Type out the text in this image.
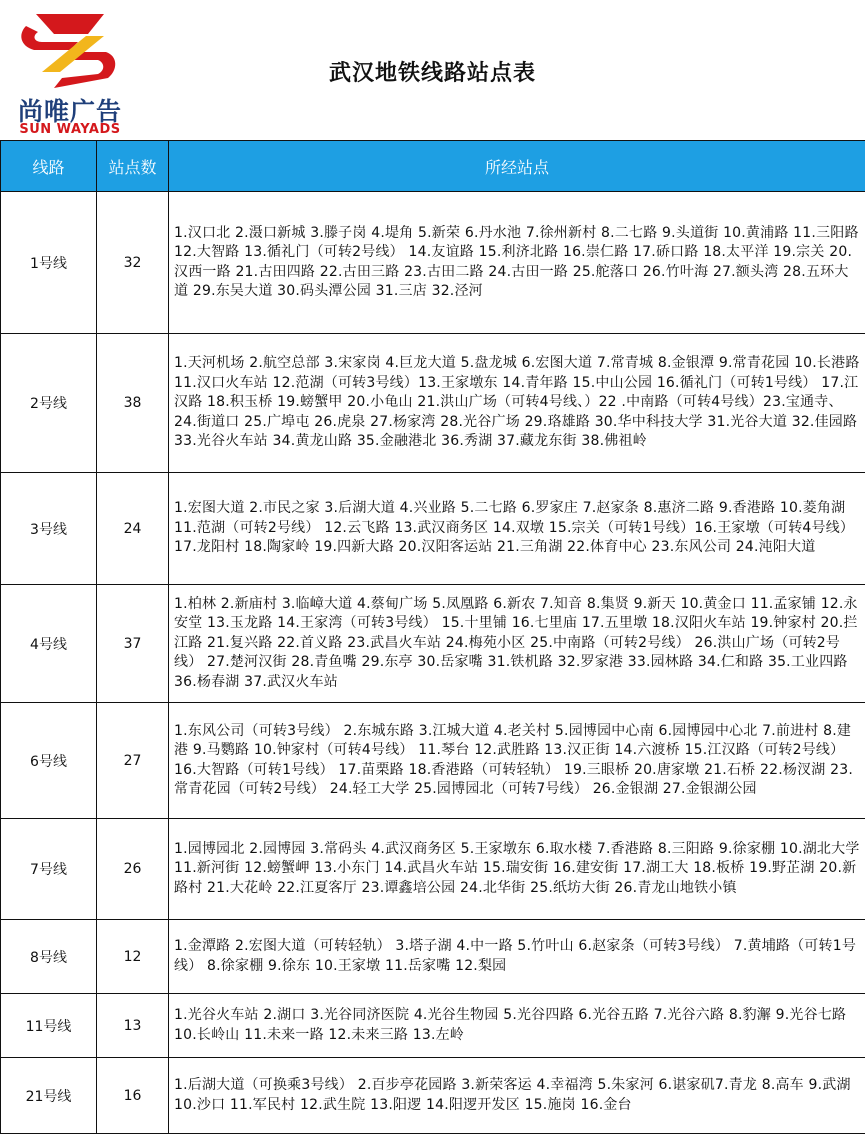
尚唯广告
SUN WAYADS
武汉地铁线路站点表
线路	站点数	所经站点
1号线	32	1.汉口北 2.滠口新城 3.滕子岗 4.堤角 5.新荣 6.丹水池 7.徐州新村 8.二七路 9.头道街 10.黄浦路 11.三阳路 12.大智路 13.循礼门（可转2号线） 14.友谊路 15.利济北路 16.崇仁路 17.硚口路 18.太平洋 19.宗关 20.汉西一路 21.古田四路 22.古田三路 23.古田二路 24.古田一路 25.舵落口 26.竹叶海 27.额头湾 28.五环大道 29.东吴大道 30.码头潭公园 31.三店 32.泾河
2号线	38	1.天河机场 2.航空总部 3.宋家岗 4.巨龙大道 5.盘龙城 6.宏图大道 7.常青城 8.金银潭 9.常青花园 10.长港路 11.汉口火车站 12.范湖（可转3号线）13.王家墩东 14.青年路 15.中山公园 16.循礼门（可转1号线） 17.江汉路 18.积玉桥 19.螃蟹甲 20.小龟山 21.洪山广场（可转4号线、）22 .中南路（可转4号线）23.宝通寺、24.街道口 25.广埠屯 26.虎泉 27.杨家湾 28.光谷广场 29.珞雄路 30.华中科技大学 31.光谷大道 32.佳园路 33.光谷火车站 34.黄龙山路 35.金融港北 36.秀湖 37.藏龙东街 38.佛祖岭
3号线	24	1.宏图大道 2.市民之家 3.后湖大道 4.兴业路 5.二七路 6.罗家庄 7.赵家条 8.惠济二路 9.香港路 10.菱角湖 11.范湖（可转2号线） 12.云飞路 13.武汉商务区 14.双墩 15.宗关（可转1号线）16.王家墩（可转4号线） 17.龙阳村 18.陶家岭 19.四新大路 20.汉阳客运站 21.三角湖 22.体育中心 23.东风公司 24.沌阳大道
4号线	37	1.柏林 2.新庙村 3.临嶂大道 4.蔡甸广场 5.凤凰路 6.新农 7.知音 8.集贤 9.新天 10.黄金口 11.孟家铺 12.永安堂 13.玉龙路 14.王家湾（可转3号线） 15.十里铺 16.七里庙 17.五里墩 18.汉阳火车站 19.钟家村 20.拦江路 21.复兴路 22.首义路 23.武昌火车站 24.梅苑小区 25.中南路（可转2号线） 26.洪山广场（可转2号线） 27.楚河汉街 28.青鱼嘴 29.东亭 30.岳家嘴 31.铁机路 32.罗家港 33.园林路 34.仁和路 35.工业四路 36.杨春湖 37.武汉火车站
6号线	27	1.东风公司（可转3号线） 2.东城东路 3.江城大道 4.老关村 5.园博园中心南 6.园博园中心北 7.前进村 8.建港 9.马鹦路 10.钟家村（可转4号线） 11.琴台 12.武胜路 13.汉正街 14.六渡桥 15.江汉路（可转2号线） 16.大智路（可转1号线） 17.苗栗路 18.香港路（可转轻轨） 19.三眼桥 20.唐家墩 21.石桥 22.杨汊湖 23.常青花园（可转2号线） 24.轻工大学 25.园博园北（可转7号线） 26.金银湖 27.金银湖公园
7号线	26	1.园博园北 2.园博园 3.常码头 4.武汉商务区 5.王家墩东 6.取水楼 7.香港路 8.三阳路 9.徐家棚 10.湖北大学 11.新河街 12.螃蟹岬 13.小东门 14.武昌火车站 15.瑞安街 16.建安街 17.湖工大 18.板桥 19.野芷湖 20.新路村 21.大花岭 22.江夏客厅 23.谭鑫培公园 24.北华街 25.纸坊大街 26.青龙山地铁小镇
8号线	12	1.金潭路 2.宏图大道（可转轻轨） 3.塔子湖 4.中一路 5.竹叶山 6.赵家条（可转3号线） 7.黄埔路（可转1号线） 8.徐家棚 9.徐东 10.王家墩 11.岳家嘴 12.梨园
11号线	13	1.光谷火车站 2.湖口 3.光谷同济医院 4.光谷生物园 5.光谷四路 6.光谷五路 7.光谷六路 8.豹澥 9.光谷七路 10.长岭山 11.未来一路 12.未来三路 13.左岭
21号线	16	1.后湖大道（可换乘3号线） 2.百步亭花园路 3.新荣客运 4.幸福湾 5.朱家河 6.谌家矶7.青龙 8.高车 9.武湖 10.沙口 11.军民村 12.武生院 13.阳逻 14.阳逻开发区 15.施岗 16.金台
